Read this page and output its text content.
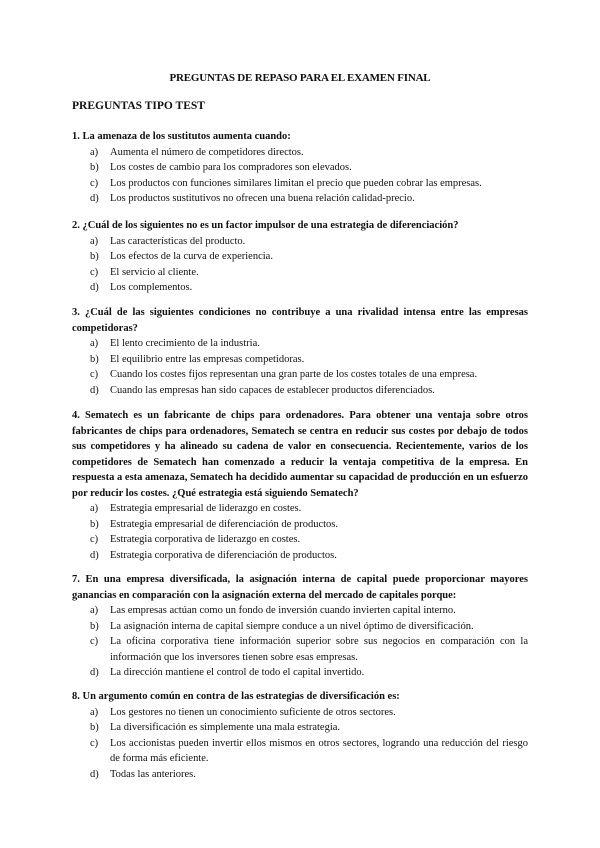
PREGUNTAS DE REPASO PARA EL EXAMEN FINAL
PREGUNTAS TIPO TEST
1. La amenaza de los sustitutos aumenta cuando:
a) Aumenta el número de competidores directos.
b) Los costes de cambio para los compradores son elevados.
c) Los productos con funciones similares limitan el precio que pueden cobrar las empresas.
d) Los productos sustitutivos no ofrecen una buena relación calidad-precio.
2. ¿Cuál de los siguientes no es un factor impulsor de una estrategia de diferenciación?
a) Las características del producto.
b) Los efectos de la curva de experiencia.
c) El servicio al cliente.
d) Los complementos.
3. ¿Cuál de las siguientes condiciones no contribuye a una rivalidad intensa entre las empresas competidoras?
a) El lento crecimiento de la industria.
b) El equilibrio entre las empresas competidoras.
c) Cuando los costes fijos representan una gran parte de los costes totales de una empresa.
d) Cuando las empresas han sido capaces de establecer productos diferenciados.
4. Sematech es un fabricante de chips para ordenadores. Para obtener una ventaja sobre otros fabricantes de chips para ordenadores, Sematech se centra en reducir sus costes por debajo de todos sus competidores y ha alineado su cadena de valor en consecuencia. Recientemente, varios de los competidores de Sematech han comenzado a reducir la ventaja competitiva de la empresa. En respuesta a esta amenaza, Sematech ha decidido aumentar su capacidad de producción en un esfuerzo por reducir los costes. ¿Qué estrategia está siguiendo Sematech?
a) Estrategia empresarial de liderazgo en costes.
b) Estrategia empresarial de diferenciación de productos.
c) Estrategia corporativa de liderazgo en costes.
d) Estrategia corporativa de diferenciación de productos.
7. En una empresa diversificada, la asignación interna de capital puede proporcionar mayores ganancias en comparación con la asignación externa del mercado de capitales porque:
a) Las empresas actúan como un fondo de inversión cuando invierten capital interno.
b) La asignación interna de capital siempre conduce a un nivel óptimo de diversificación.
c) La oficina corporativa tiene información superior sobre sus negocios en comparación con la información que los inversores tienen sobre esas empresas.
d) La dirección mantiene el control de todo el capital invertido.
8. Un argumento común en contra de las estrategias de diversificación es:
a) Los gestores no tienen un conocimiento suficiente de otros sectores.
b) La diversificación es simplemente una mala estrategia.
c) Los accionistas pueden invertir ellos mismos en otros sectores, logrando una reducción del riesgo de forma más eficiente.
d) Todas las anteriores.
